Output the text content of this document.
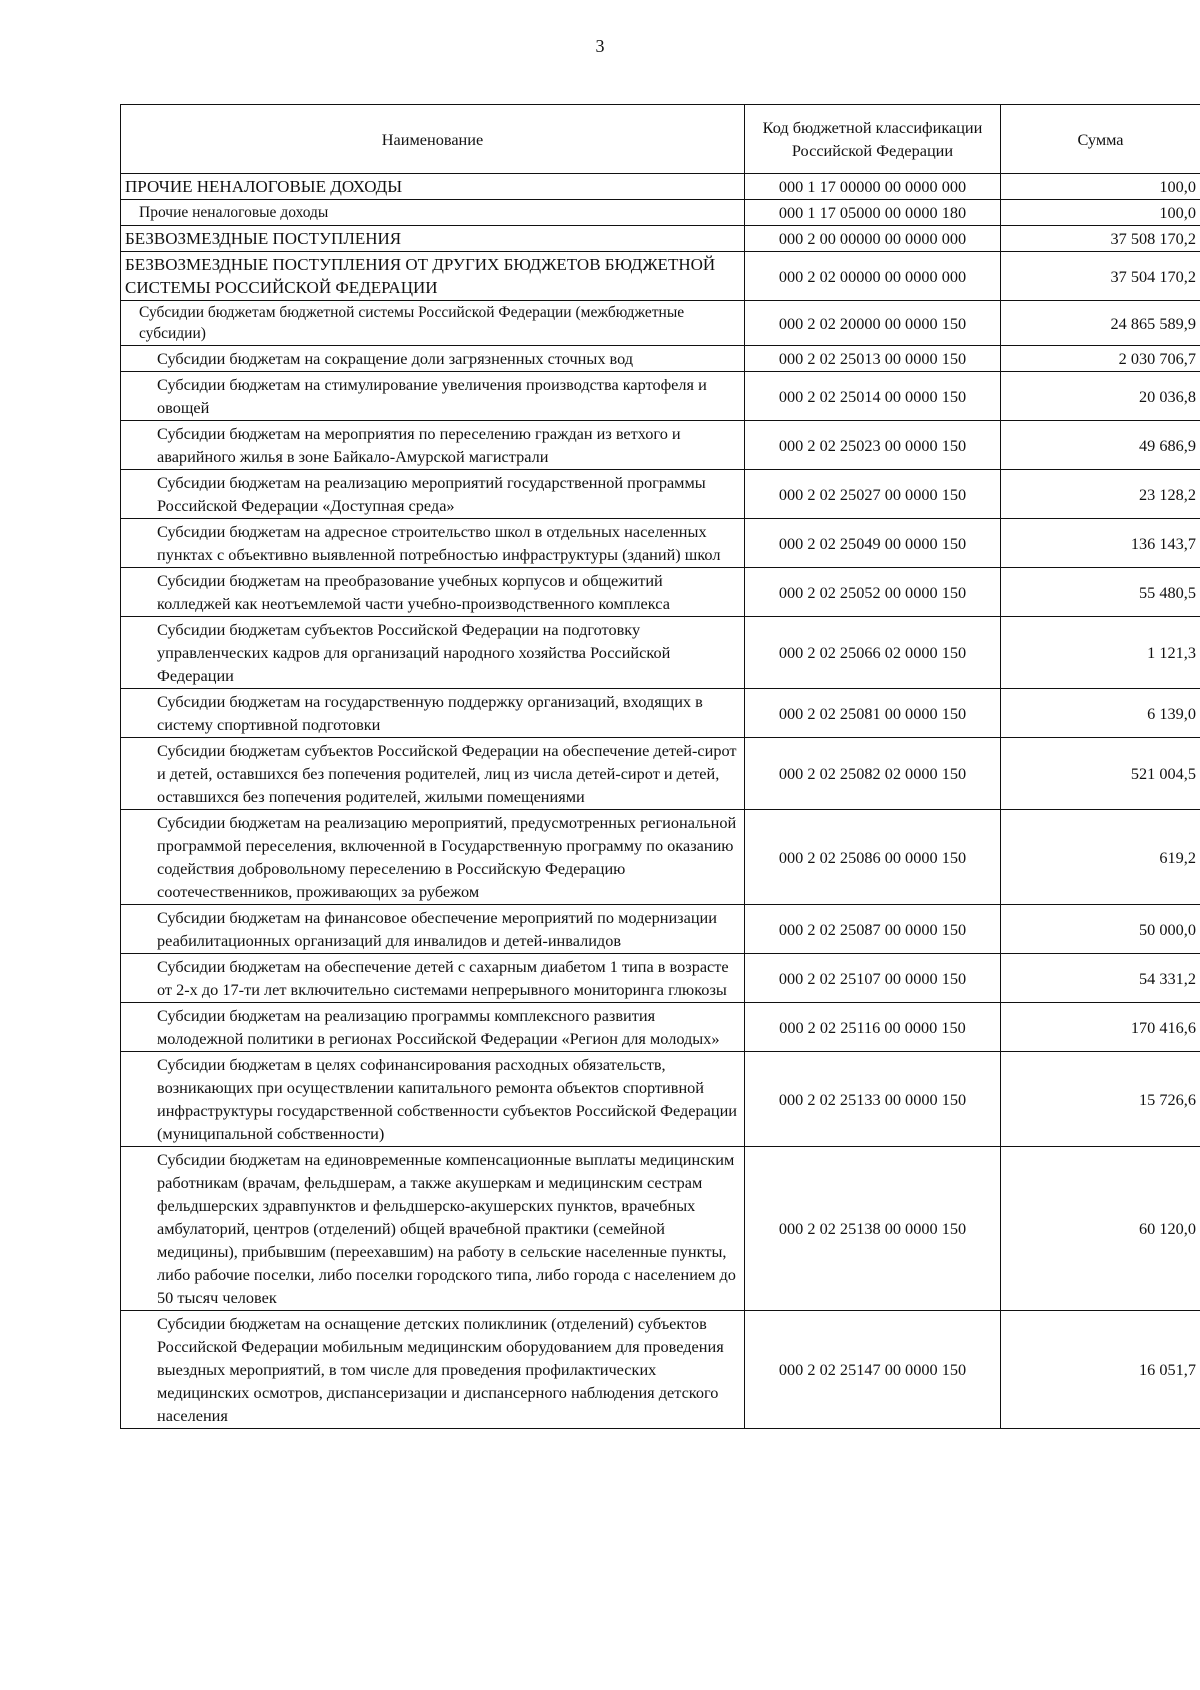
3
Наименование	Код бюджетной классификации Российской Федерации	Сумма
ПРОЧИЕ НЕНАЛОГОВЫЕ ДОХОДЫ	000 1 17 00000 00 0000 000	100,0
Прочие неналоговые доходы	000 1 17 05000 00 0000 180	100,0
БЕЗВОЗМЕЗДНЫЕ ПОСТУПЛЕНИЯ	000 2 00 00000 00 0000 000	37 508 170,2
БЕЗВОЗМЕЗДНЫЕ ПОСТУПЛЕНИЯ ОТ ДРУГИХ БЮДЖЕТОВ БЮДЖЕТНОЙ СИСТЕМЫ РОССИЙСКОЙ ФЕДЕРАЦИИ	000 2 02 00000 00 0000 000	37 504 170,2
Субсидии бюджетам бюджетной системы Российской Федерации (межбюджетные субсидии)	000 2 02 20000 00 0000 150	24 865 589,9
Субсидии бюджетам на сокращение доли загрязненных сточных вод	000 2 02 25013 00 0000 150	2 030 706,7
Субсидии бюджетам на стимулирование увеличения производства картофеля и овощей	000 2 02 25014 00 0000 150	20 036,8
Субсидии бюджетам на мероприятия по переселению граждан из ветхого и аварийного жилья в зоне Байкало-Амурской магистрали	000 2 02 25023 00 0000 150	49 686,9
Субсидии бюджетам на реализацию мероприятий государственной программы Российской Федерации «Доступная среда»	000 2 02 25027 00 0000 150	23 128,2
Субсидии бюджетам на адресное строительство школ в отдельных населенных пунктах с объективно выявленной потребностью инфраструктуры (зданий) школ	000 2 02 25049 00 0000 150	136 143,7
Субсидии бюджетам на преобразование учебных корпусов и общежитий колледжей как неотъемлемой части учебно-производственного комплекса	000 2 02 25052 00 0000 150	55 480,5
Субсидии бюджетам субъектов Российской Федерации на подготовку управленческих кадров для организаций народного хозяйства Российской Федерации	000 2 02 25066 02 0000 150	1 121,3
Субсидии бюджетам на государственную поддержку организаций, входящих в систему спортивной подготовки	000 2 02 25081 00 0000 150	6 139,0
Субсидии бюджетам субъектов Российской Федерации на обеспечение детей-сирот и детей, оставшихся без попечения родителей, лиц из числа детей-сирот и детей, оставшихся без попечения родителей, жилыми помещениями	000 2 02 25082 02 0000 150	521 004,5
Субсидии бюджетам на реализацию мероприятий, предусмотренных региональной программой переселения, включенной в Государственную программу по оказанию содействия добровольному переселению в Российскую Федерацию соотечественников, проживающих за рубежом	000 2 02 25086 00 0000 150	619,2
Субсидии бюджетам на финансовое обеспечение мероприятий по модернизации реабилитационных организаций для инвалидов и детей-инвалидов	000 2 02 25087 00 0000 150	50 000,0
Субсидии бюджетам на обеспечение детей с сахарным диабетом 1 типа в возрасте от 2-х до 17-ти лет включительно системами непрерывного мониторинга глюкозы	000 2 02 25107 00 0000 150	54 331,2
Субсидии бюджетам на реализацию программы комплексного развития молодежной политики в регионах Российской Федерации «Регион для молодых»	000 2 02 25116 00 0000 150	170 416,6
Субсидии бюджетам в целях софинансирования расходных обязательств, возникающих при осуществлении капитального ремонта объектов спортивной инфраструктуры государственной собственности субъектов Российской Федерации (муниципальной собственности)	000 2 02 25133 00 0000 150	15 726,6
Субсидии бюджетам на единовременные компенсационные выплаты медицинским работникам (врачам, фельдшерам, а также акушеркам и медицинским сестрам фельдшерских здравпунктов и фельдшерско-акушерских пунктов, врачебных амбулаторий, центров (отделений) общей врачебной практики (семейной медицины), прибывшим (переехавшим) на работу в сельские населенные пункты, либо рабочие поселки, либо поселки городского типа, либо города с населением до 50 тысяч человек	000 2 02 25138 00 0000 150	60 120,0
Субсидии бюджетам на оснащение детских поликлиник (отделений) субъектов Российской Федерации мобильным медицинским оборудованием для проведения выездных мероприятий, в том числе для проведения профилактических медицинских осмотров, диспансеризации и диспансерного наблюдения детского населения	000 2 02 25147 00 0000 150	16 051,7
